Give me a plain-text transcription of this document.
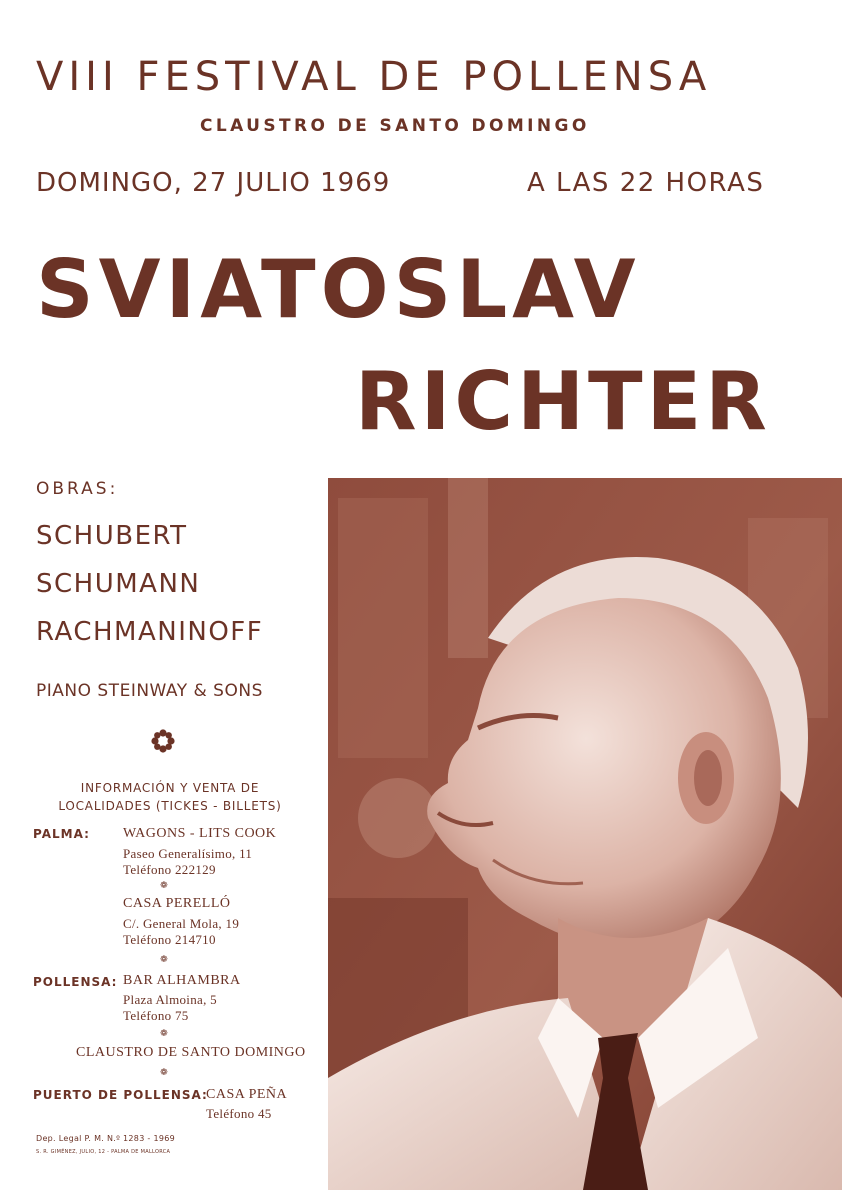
VIII FESTIVAL DE POLLENSA
CLAUSTRO DE SANTO DOMINGO
DOMINGO, 27 JULIO 1969	A LAS 22 HORAS
SVIATOSLAV
RICHTER
OBRAS:
SCHUBERT
SCHUMANN
RACHMANINOFF
PIANO STEINWAY & SONS
INFORMACIÓN Y VENTA DE
LOCALIDADES (TICKES - BILLETS)
PALMA: WAGONS - LITS COOK
Paseo Generalísimo, 11
Teléfono 222129
❁
CASA PERELLÓ
C/. General Mola, 19
Teléfono 214710
❁
POLLENSA: BAR ALHAMBRA
Plaza Almoina, 5
Teléfono 75
❁
CLAUSTRO DE SANTO DOMINGO
❁
PUERTO DE POLLENSA:
CASA PEÑA
Teléfono 45
Dep. Legal P. M. N.º 1283 - 1969
S. R. GIMÉNEZ, JULIO, 12 - PALMA DE MALLORCA
